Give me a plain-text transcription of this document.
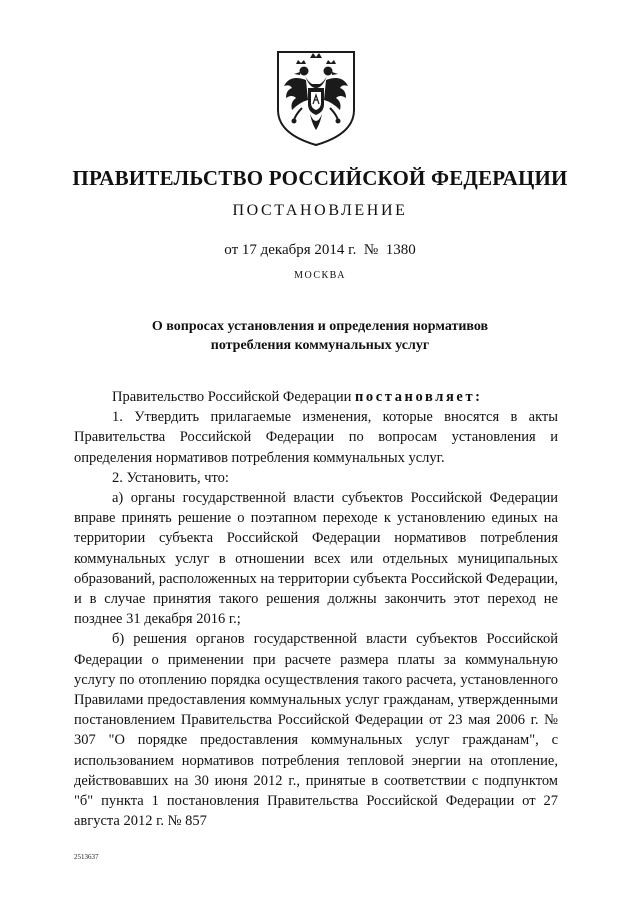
ПРАВИТЕЛЬСТВО РОССИЙСКОЙ ФЕДЕРАЦИИ
ПОСТАНОВЛЕНИЕ
от 17 декабря 2014 г.  №  1380
МОСКВА
О вопросах установления и определения нормативов
потребления коммунальных услуг

Правительство Российской Федерации постановляет:

1. Утвердить прилагаемые изменения, которые вносятся в акты Правительства Российской Федерации по вопросам установления и определения нормативов потребления коммунальных услуг.

2. Установить, что:

а) органы государственной власти субъектов Российской Федерации вправе принять решение о поэтапном переходе к установлению единых на территории субъекта Российской Федерации нормативов потребления коммунальных услуг в отношении всех или отдельных муниципальных образований, расположенных на территории субъекта Российской Федерации, и в случае принятия такого решения должны закончить этот переход не позднее 31 декабря 2016 г.;

б) решения органов государственной власти субъектов Российской Федерации о применении при расчете размера платы за коммунальную услугу по отоплению порядка осуществления такого расчета, установленного Правилами предоставления коммунальных услуг гражданам, утвержденными постановлением Правительства Российской Федерации от 23 мая 2006 г. № 307 "О порядке предоставления коммунальных услуг гражданам", с использованием нормативов потребления тепловой энергии на отопление, действовавших на 30 июня 2012 г., принятые в соответствии с подпунктом "б" пункта 1 постановления Правительства Российской Федерации от 27 августа 2012 г. № 857

2513637
